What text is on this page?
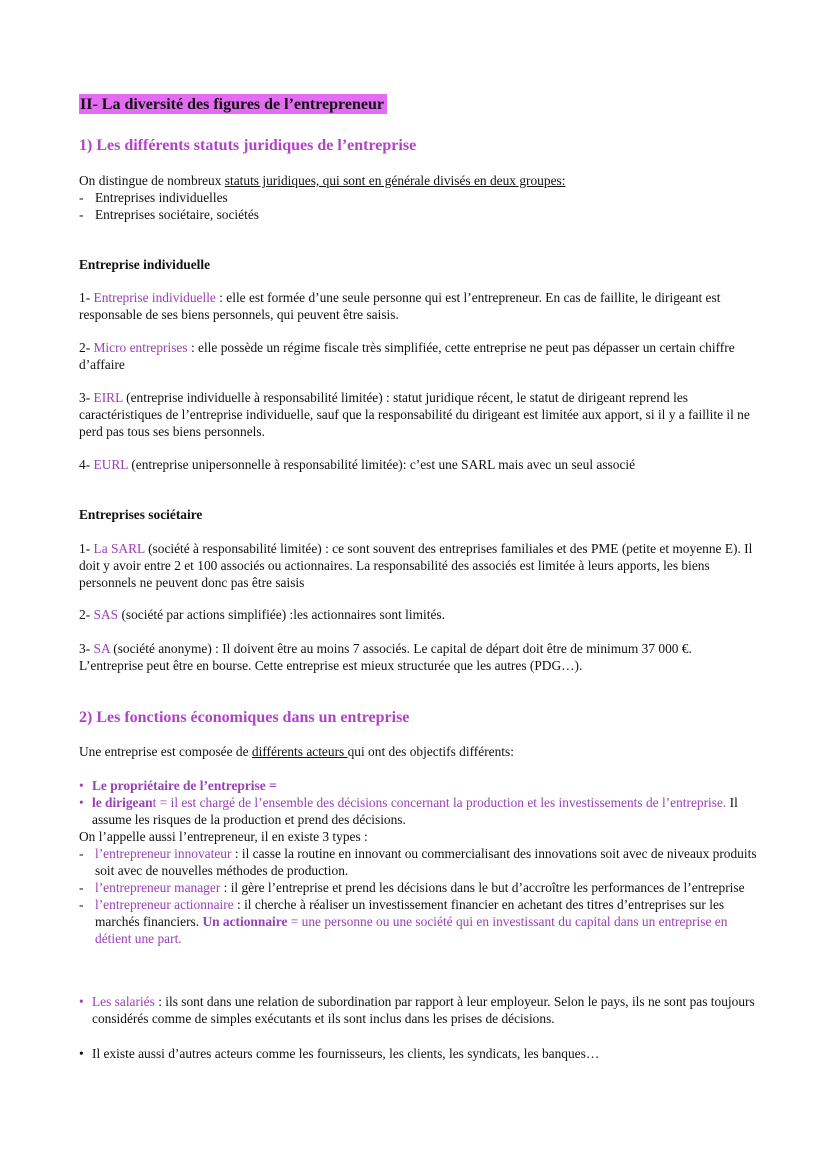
II- La diversité des figures de l’entrepreneur
1) Les différents statuts juridiques de l’entreprise
On distingue de nombreux statuts juridiques, qui sont en générale divisés en deux groupes:
- Entreprises individuelles
- Entreprises sociétaire, sociétés
Entreprise individuelle
1- Entreprise individuelle : elle est formée d’une seule personne qui est l’entrepreneur. En cas de faillite, le dirigeant est responsable de ses biens personnels, qui peuvent être saisis.
2- Micro entreprises : elle possède un régime fiscale très simplifiée, cette entreprise ne peut pas dépasser un certain chiffre d’affaire
3- EIRL (entreprise individuelle à responsabilité limitée) : statut juridique récent, le statut de dirigeant reprend les caractéristiques de l’entreprise individuelle, sauf que la responsabilité du dirigeant est limitée aux apport, si il y a faillite il ne perd pas tous ses biens personnels.
4- EURL (entreprise unipersonnelle à responsabilité limitée): c’est une SARL mais avec un seul associé
Entreprises sociétaire
1- La SARL (société à responsabilité limitée) : ce sont souvent des entreprises familiales et des PME (petite et moyenne E). Il doit y avoir entre 2 et 100 associés ou actionnaires. La responsabilité des associés est limitée à leurs apports, les biens personnels ne peuvent donc pas être saisis
2- SAS (société par actions simplifiée) :les actionnaires sont limités.
3- SA (société anonyme) : Il doivent être au moins 7 associés. Le capital de départ doit être de minimum 37 000 €. L’entreprise peut être en bourse. Cette entreprise est mieux structurée que les autres (PDG…).
2) Les fonctions économiques dans un entreprise
Une entreprise est composée de différents acteurs qui ont des objectifs différents:
• Le propriétaire de l’entreprise =
• le dirigeant = il est chargé de l’ensemble des décisions concernant la production et les investissements de l’entreprise. Il assume les risques de la production et prend des décisions.
On l’appelle aussi l’entrepreneur, il en existe 3 types :
- l’entrepreneur innovateur : il casse la routine en innovant ou commercialisant des innovations soit avec de niveaux produits soit avec de nouvelles méthodes de production.
- l’entrepreneur manager : il gère l’entreprise et prend les décisions dans le but d’accroître les performances de l’entreprise
- l’entrepreneur actionnaire : il cherche à réaliser un investissement financier en achetant des titres d’entreprises sur les marchés financiers. Un actionnaire = une personne ou une société qui en investissant du capital dans un entreprise en détient une part.
• Les salariés : ils sont dans une relation de subordination par rapport à leur employeur. Selon le pays, ils ne sont pas toujours considérés comme de simples exécutants et ils sont inclus dans les prises de décisions.
• Il existe aussi d’autres acteurs comme les fournisseurs, les clients, les syndicats, les banques…
